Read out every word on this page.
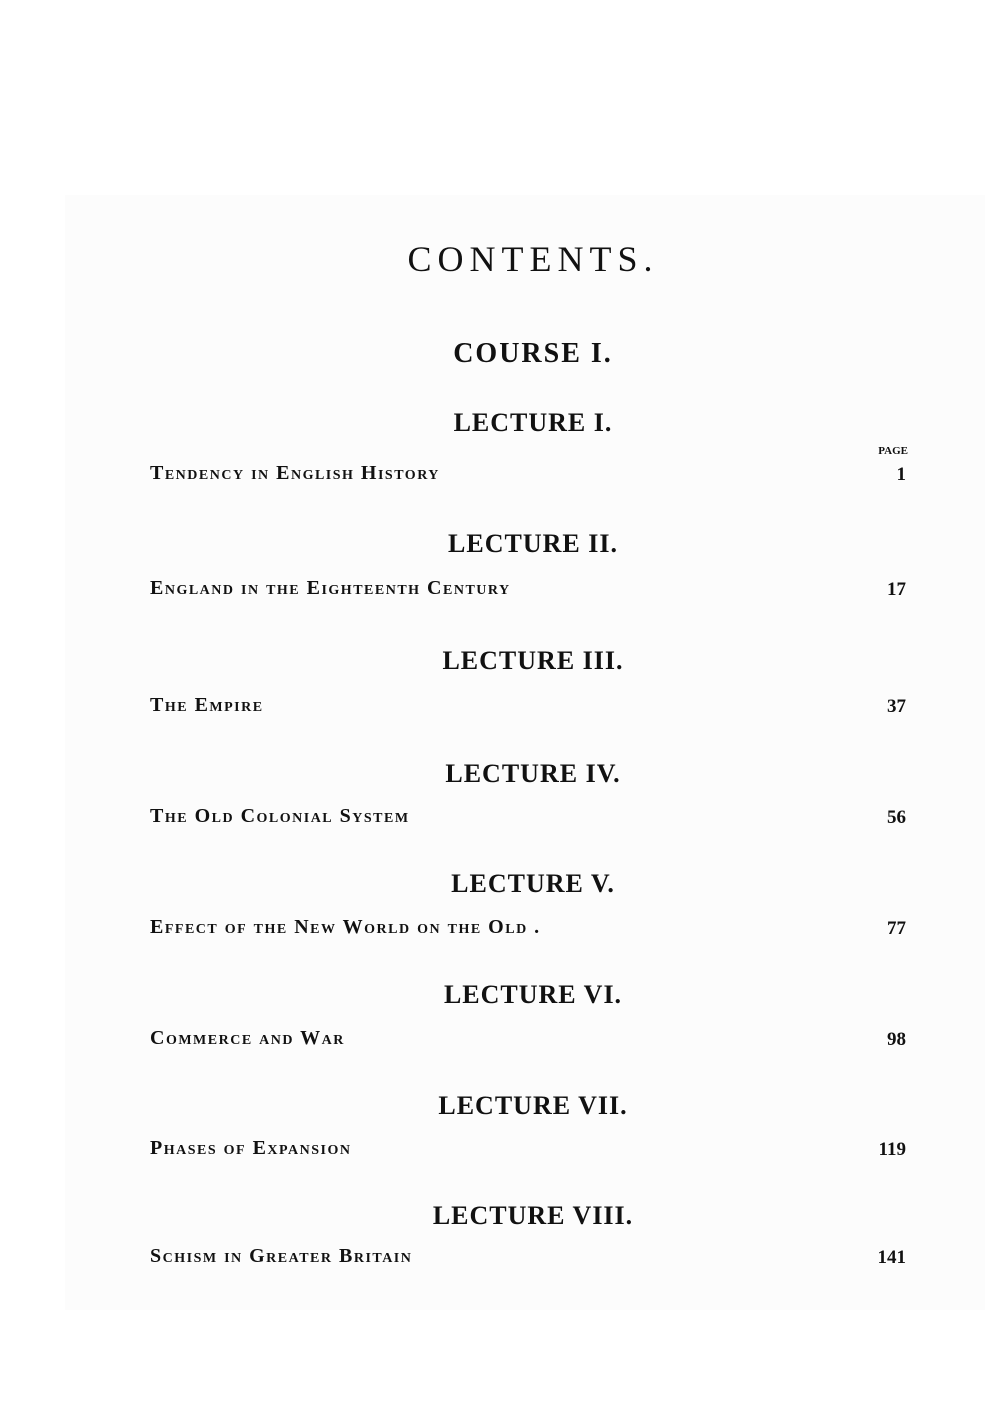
CONTENTS.
COURSE I.
PAGE
LECTURE I.
Tendency in English History	1
LECTURE II.
England in the Eighteenth Century	17
LECTURE III.
The Empire	37
LECTURE IV.
The Old Colonial System	56
LECTURE V.
Effect of the New World on the Old .	77
LECTURE VI.
Commerce and War	98
LECTURE VII.
Phases of Expansion	119
LECTURE VIII.
Schism in Greater Britain	141
